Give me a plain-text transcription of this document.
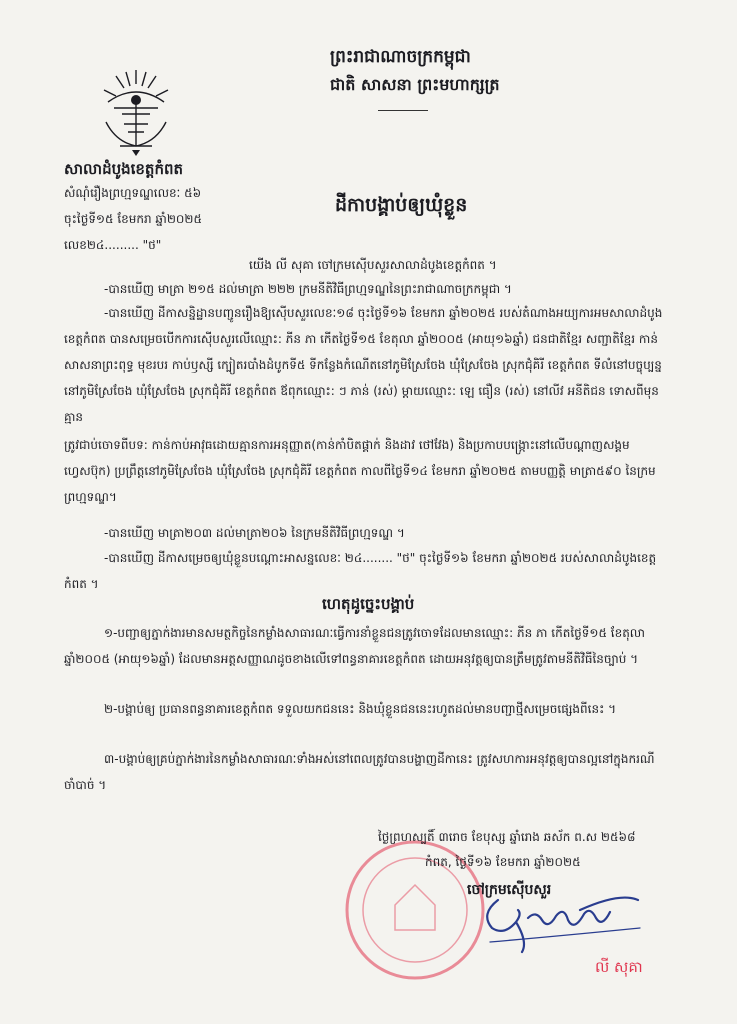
ព្រះរាជាណាចក្រកម្ពុជា
ជាតិ សាសនា ព្រះមហាក្សត្រ
សាលាដំបូងខេត្តកំពត
សំណុំរឿងព្រហ្មទណ្ឌលេខៈ ៥៦
ចុះថ្ងៃទី១៥ ខែមករា ឆ្នាំ២០២៥
លេខ២៤......... "ថ"
ដីកាបង្គាប់ឲ្យឃុំខ្លួន
យើង លី សុគា ចៅក្រមស៊ើបសួរសាលាដំបូងខេត្តកំពត ។
-បានឃើញ មាត្រា ២១៥ ដល់មាត្រា ២២២ ក្រមនីតិវិធីព្រហ្មទណ្ឌនៃព្រះរាជាណាចក្រកម្ពុជា ។
-បានឃើញ ដីកាសន្និដ្ឋានបញ្ជូនរឿងឱ្យស៊ើបសួរលេខៈ១៨ ចុះថ្ងៃទី១៦ ខែមករា ឆ្នាំ២០២៥ របស់តំណាងអយ្យការអមសាលាដំបូងខេត្តកំពត បានសម្រេចបើកការស៊ើបសួរលើឈ្មោះ: ភីន ភា កើតថ្ងៃទី១៥ ខែតុលា ឆ្នាំ២០០៥ (អាយុ១៦ឆ្នាំ) ជនជាតិខ្មែរ សញ្ជាតិខ្មែរ កាន់សាសនាព្រះពុទ្ធ មុខរបរ កាប់ឫស្សី ក្បៀតរបាំងដំបូកទី៥ ទីកន្លែងកំណើតនៅភូមិស្រែចែង ឃុំស្រែចែង ស្រុកជុំគិរី ខេត្តកំពត ទីលំនៅបច្ចុប្បន្ននៅភូមិស្រែចែង ឃុំស្រែចែង ស្រុកជុំគិរី ខេត្តកំពត ឪពុកឈ្មោះ: ៗ ភាន់ (រស់) ម្ដាយឈ្មោះ: ឡេ ធឿន (រស់) នៅលីវ អនីតិជន ទោសពីមុន គ្មាន
ត្រូវជាប់ចោទពីបទ: កាន់កាប់អាវុធដោយគ្មានការអនុញ្ញាត(កាន់កាំបិតផ្គាក់ និងដាវ ថៅវែង) និងប្រកាបបង្ក្រោះនៅលើបណ្ដាញសង្គមហ្វេសប៊ុក) ប្រព្រឹត្តនៅភូមិស្រែចែង ឃុំស្រែចែង ស្រុកជុំគិរី ខេត្តកំពត កាលពីថ្ងៃទី១៤ ខែមករា ឆ្នាំ២០២៥ តាមបញ្ញត្តិ មាត្រា៥៩០ នៃក្រមព្រហ្មទណ្ឌ។
-បានឃើញ មាត្រា២០៣ ដល់មាត្រា២០៦ នៃក្រមនីតិវិធីព្រហ្មទណ្ឌ ។
-បានឃើញ ដីកាសម្រេចឲ្យឃុំខ្លួនបណ្ដោះអាសន្នលេខៈ ២៤........ "ថ" ចុះថ្ងៃទី១៦ ខែមករា ឆ្នាំ២០២៥ របស់សាលាដំបូងខេត្តកំពត ។
ហេតុដូច្នេះបង្គាប់
១-បញ្ជាឲ្យភ្នាក់ងារមានសមត្ថកិច្ចនៃកម្លាំងសាធារណៈធ្វើការនាំខ្លួនជនត្រូវចោទដែលមានឈ្មោះ: ភីន ភា កើតថ្ងៃទី១៥ ខែតុលា ឆ្នាំ២០០៥ (អាយុ១៦ឆ្នាំ) ដែលមានអត្តសញ្ញាណដូចខាងលើទៅពន្ធនាគារខេត្តកំពត ដោយអនុវត្តឲ្យបានត្រឹមត្រូវតាមនីតិវិធីនៃច្បាប់ ។
២-បង្គាប់ឲ្យ ប្រធានពន្ធនាគារខេត្តកំពត ទទួលយកជននេះ និងឃុំខ្លួនជននេះរហូតដល់មានបញ្ជាថ្មីសម្រេចផ្សេងពីនេះ ។
៣-បង្គាប់ឲ្យគ្រប់ភ្នាក់ងារនៃកម្លាំងសាធារណៈទាំងអស់នៅពេលត្រូវបានបង្ហាញដីកានេះ ត្រូវសហការអនុវត្តឲ្យបានល្អនៅក្នុងករណីចាំបាច់ ។
ថ្ងៃព្រហស្បតិ៍ ៣រោច ខែបុស្ស ឆ្នាំរោង ឆស័ក ព.ស ២៥៦៨
កំពត, ថ្ងៃទី១៦ ខែមករា ឆ្នាំ២០២៥
ចៅក្រមស៊ើបសួរ
លី សុគា
